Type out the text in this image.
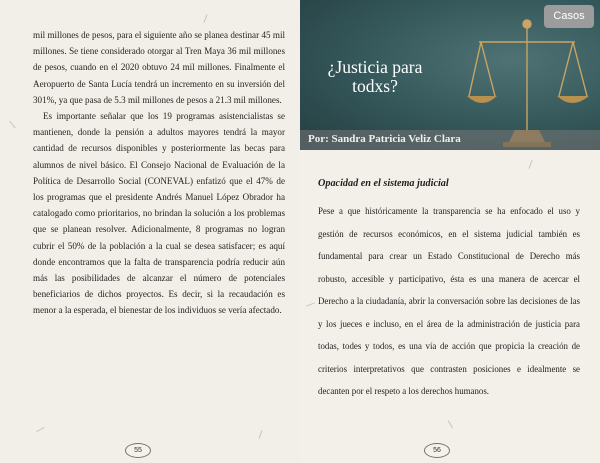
mil millones de pesos, para el siguiente año se planea destinar 45 mil millones. Se tiene considerado otorgar al Tren Maya 36 mil millones de pesos, cuando en el 2020 obtuvo 24 mil millones. Finalmente el Aeropuerto de Santa Lucía tendrá un incremento en su inversión del 301%, ya que pasa de 5.3 mil millones de pesos a 21.3 mil millones.

Es importante señalar que los 19 programas asistencialistas se mantienen, donde la pensión a adultos mayores tendrá la mayor cantidad de recursos disponibles y posteriormente las becas para alumnos de nivel básico. El Consejo Nacional de Evaluación de la Política de Desarrollo Social (CONEVAL) enfatizó que el 47% de los programas que el presidente Andrés Manuel López Obrador ha catalogado como prioritarios, no brindan la solución a los problemas que se planean resolver. Adicionalmente, 8 programas no logran cubrir el 50% de la población a la cual se desea satisfacer; es aquí donde encontramos que la falta de transparencia podría reducir aún más las posibilidades de alcanzar el número de potenciales beneficiarios de dichos proyectos. Es decir, si la recaudación es menor a la esperada, el bienestar de los individuos se vería afectado.

55
¿Justicia para todxs?
Por: Sandra Patricia Veliz Clara
Casos
Opacidad en el sistema judicial

Pese a que históricamente la transparencia se ha enfocado el uso y gestión de recursos económicos, en el sistema judicial también es fundamental para crear un Estado Constitucional de Derecho más robusto, accesible y participativo, ésta es una manera de acercar el Derecho a la ciudadanía, abrir la conversación sobre las decisiones de las y los jueces e incluso, en el área de la administración de justicia para todas, todes y todos, es una vía de acción que propicia la creación de criterios interpretativos que contrasten posiciones e idealmente se decanten por el respeto a los derechos humanos.

56
